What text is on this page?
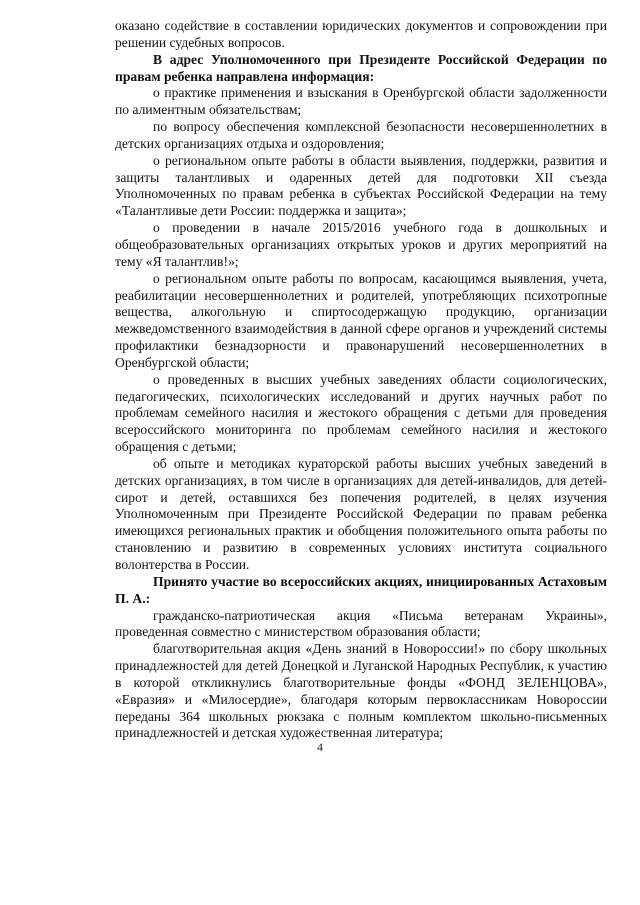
оказано содействие в составлении юридических документов и сопровождении при решении судебных вопросов.

В адрес Уполномоченного при Президенте Российской Федерации по правам ребенка направлена информация:

о практике применения и взыскания в Оренбургской области задолженности по алиментным обязательствам;

по вопросу обеспечения комплексной безопасности несовершеннолетних в детских организациях отдыха и оздоровления;

о региональном опыте работы в области выявления, поддержки, развития и защиты талантливых и одаренных детей для подготовки XII съезда Уполномоченных по правам ребенка в субъектах Российской Федерации на тему «Талантливые дети России: поддержка и защита»;

о проведении в начале 2015/2016 учебного года в дошкольных и общеобразовательных организациях открытых уроков и других мероприятий на тему «Я талантлив!»;

о региональном опыте работы по вопросам, касающимся выявления, учета, реабилитации несовершеннолетних и родителей, употребляющих психотропные вещества, алкогольную и спиртосодержащую продукцию, организации межведомственного взаимодействия в данной сфере органов и учреждений системы профилактики безнадзорности и правонарушений несовершеннолетних в Оренбургской области;

о проведенных в высших учебных заведениях области социологических, педагогических, психологических исследований и других научных работ по проблемам семейного насилия и жестокого обращения с детьми для проведения всероссийского мониторинга по проблемам семейного насилия и жестокого обращения с детьми;

об опыте и методиках кураторской работы высших учебных заведений в детских организациях, в том числе в организациях для детей-инвалидов, для детей-сирот и детей, оставшихся без попечения родителей, в целях изучения Уполномоченным при Президенте Российской Федерации по правам ребенка имеющихся региональных практик и обобщения положительного опыта работы по становлению и развитию в современных условиях института социального волонтерства в России.

Принято участие во всероссийских акциях, инициированных Астаховым П. А.:

гражданско-патриотическая акция «Письма ветеранам Украины», проведенная совместно с министерством образования области;

благотворительная акция «День знаний в Новороссии!» по сбору школьных принадлежностей для детей Донецкой и Луганской Народных Республик, к участию в которой откликнулись благотворительные фонды «ФОНД ЗЕЛЕНЦОВА», «Евразия» и «Милосердие», благодаря которым первоклассникам Новороссии переданы 364 школьных рюкзака с полным комплектом школьно-письменных принадлежностей и детская художественная литература;

4
